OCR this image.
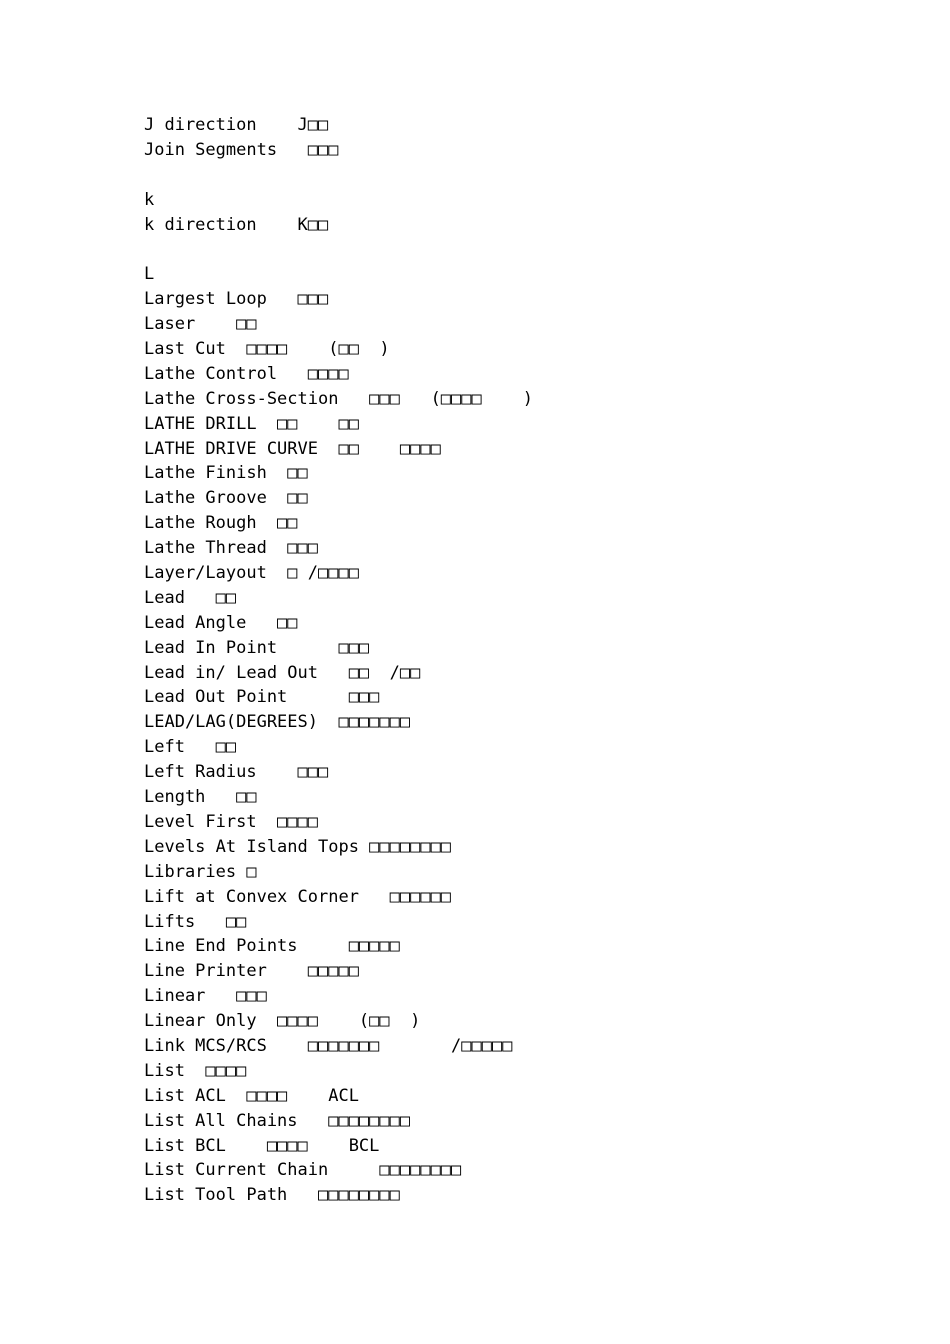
J direction    J□□
Join Segments   □□□
k
k direction    K□□
L
Largest Loop   □□□
Laser    □□
Last Cut  □□□□    (□□  )
Lathe Control   □□□□
Lathe Cross-Section   □□□   (□□□□    )
LATHE DRILL  □□    □□
LATHE DRIVE CURVE  □□    □□□□
Lathe Finish  □□
Lathe Groove  □□
Lathe Rough  □□
Lathe Thread  □□□
Layer/Layout  □ /□□□□
Lead   □□
Lead Angle   □□
Lead In Point      □□□
Lead in/ Lead Out   □□  /□□
Lead Out Point      □□□
LEAD/LAG(DEGREES)  □□□□□□□
Left   □□
Left Radius    □□□
Length   □□
Level First  □□□□
Levels At Island Tops □□□□□□□□
Libraries □
Lift at Convex Corner   □□□□□□
Lifts   □□
Line End Points     □□□□□
Line Printer    □□□□□
Linear   □□□
Linear Only  □□□□    (□□  )
Link MCS/RCS    □□□□□□□       /□□□□□
List  □□□□
List ACL  □□□□    ACL
List All Chains   □□□□□□□□
List BCL    □□□□    BCL
List Current Chain     □□□□□□□□
List Tool Path   □□□□□□□□
